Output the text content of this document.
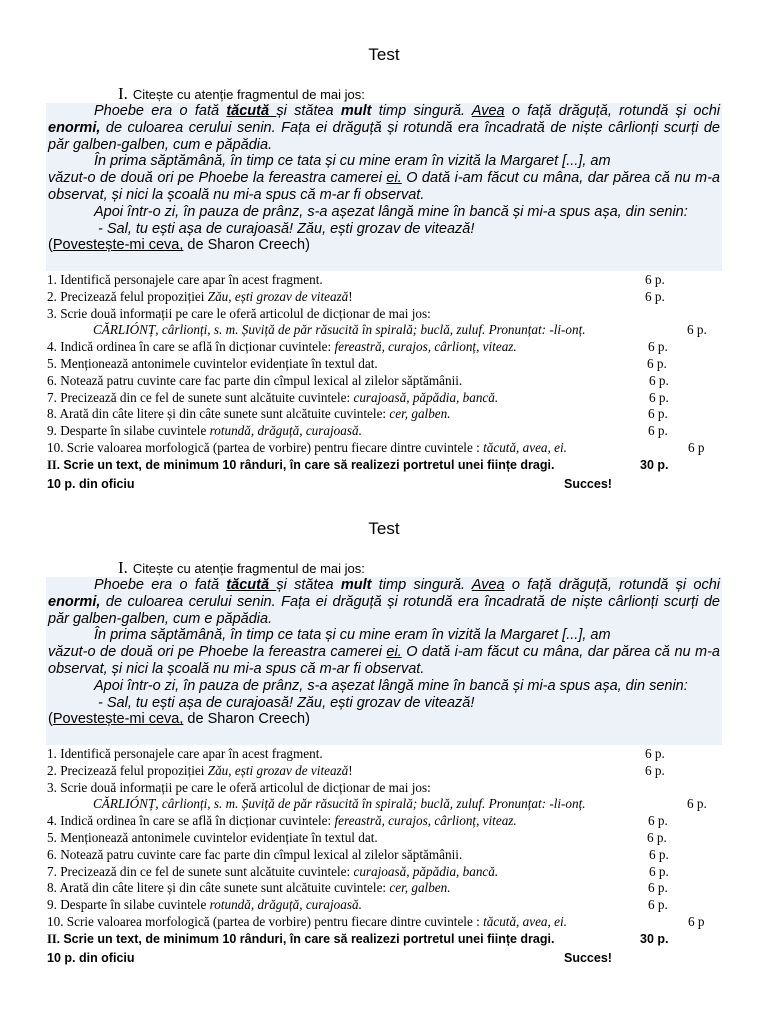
Test
I. Citește cu atenție fragmentul de mai jos:

Phoebe era o fată tăcută și stătea mult timp singură. Avea o față drăguță, rotundă și ochi enormi, de culoarea cerului senin. Fața ei drăguță și rotundă era încadrată de niște cârlionți scurți de păr galben-galben, cum e păpădia.

În prima săptămână, în timp ce tata și cu mine eram în vizită la Margaret [...], am

văzut-o de două ori pe Phoebe la fereastra camerei ei. O dată i-am făcut cu mâna, dar părea că nu m-a observat, și nici la școală nu mi-a spus că m-ar fi observat.

Apoi într-o zi, în pauza de prânz, s-a așezat lângă mine în bancă și mi-a spus așa, din senin:

- Sal, tu ești așa de curajoasă! Zău, ești grozav de vitează!

(Povestește-mi ceva, de Sharon Creech)

1. Identifică personajele care apar în acest fragment.	6 p.
2. Precizează felul propoziției Zău, ești grozav de vitează!	6 p.
3. Scrie două informații pe care le oferă articolul de dicționar de mai jos:
CĂRLIÓNȚ, cârlionți, s. m. Șuviță de păr răsucită în spirală; buclă, zuluf. Pronunțat: -li-onț.	6 p.
4. Indică ordinea în care se află în dicționar cuvintele: fereastră, curajos, cârlionț, viteaz.	6 p.
5. Menționează antonimele cuvintelor evidențiate în textul dat.	6 p.
6. Notează patru cuvinte care fac parte din cîmpul lexical al zilelor săptămânii.	6 p.
7. Precizează din ce fel de sunete sunt alcătuite cuvintele: curajoasă, păpădia, bancă.	6 p.
8. Arată din câte litere și din câte sunete sunt alcătuite cuvintele: cer, galben.	6 p.
9. Desparte în silabe cuvintele rotundă, drăguță, curajoasă.	6 p.
10. Scrie valoarea morfologică (partea de vorbire) pentru fiecare dintre cuvintele : tăcută, avea, ei.	6 p
II. Scrie un text, de minimum 10 rânduri, în care să realizezi portretul unei ființe dragi.	30 p.
10 p. din oficiu	Succes!
Test
I. Citește cu atenție fragmentul de mai jos:

Phoebe era o fată tăcută și stătea mult timp singură. Avea o față drăguță, rotundă și ochi enormi, de culoarea cerului senin. Fața ei drăguță și rotundă era încadrată de niște cârlionți scurți de păr galben-galben, cum e păpădia.

În prima săptămână, în timp ce tata și cu mine eram în vizită la Margaret [...], am

văzut-o de două ori pe Phoebe la fereastra camerei ei. O dată i-am făcut cu mâna, dar părea că nu m-a observat, și nici la școală nu mi-a spus că m-ar fi observat.

Apoi într-o zi, în pauza de prânz, s-a așezat lângă mine în bancă și mi-a spus așa, din senin:

- Sal, tu ești așa de curajoasă! Zău, ești grozav de vitează!

(Povestește-mi ceva, de Sharon Creech)

1. Identifică personajele care apar în acest fragment.	6 p.
2. Precizează felul propoziției Zău, ești grozav de vitează!	6 p.
3. Scrie două informații pe care le oferă articolul de dicționar de mai jos:
CĂRLIÓNȚ, cârlionți, s. m. Șuviță de păr răsucită în spirală; buclă, zuluf. Pronunțat: -li-onț.	6 p.
4. Indică ordinea în care se află în dicționar cuvintele: fereastră, curajos, cârlionț, viteaz.	6 p.
5. Menționează antonimele cuvintelor evidențiate în textul dat.	6 p.
6. Notează patru cuvinte care fac parte din cîmpul lexical al zilelor săptămânii.	6 p.
7. Precizează din ce fel de sunete sunt alcătuite cuvintele: curajoasă, păpădia, bancă.	6 p.
8. Arată din câte litere și din câte sunete sunt alcătuite cuvintele: cer, galben.	6 p.
9. Desparte în silabe cuvintele rotundă, drăguță, curajoasă.	6 p.
10. Scrie valoarea morfologică (partea de vorbire) pentru fiecare dintre cuvintele : tăcută, avea, ei.	6 p
II. Scrie un text, de minimum 10 rânduri, în care să realizezi portretul unei ființe dragi.	30 p.
10 p. din oficiu	Succes!
